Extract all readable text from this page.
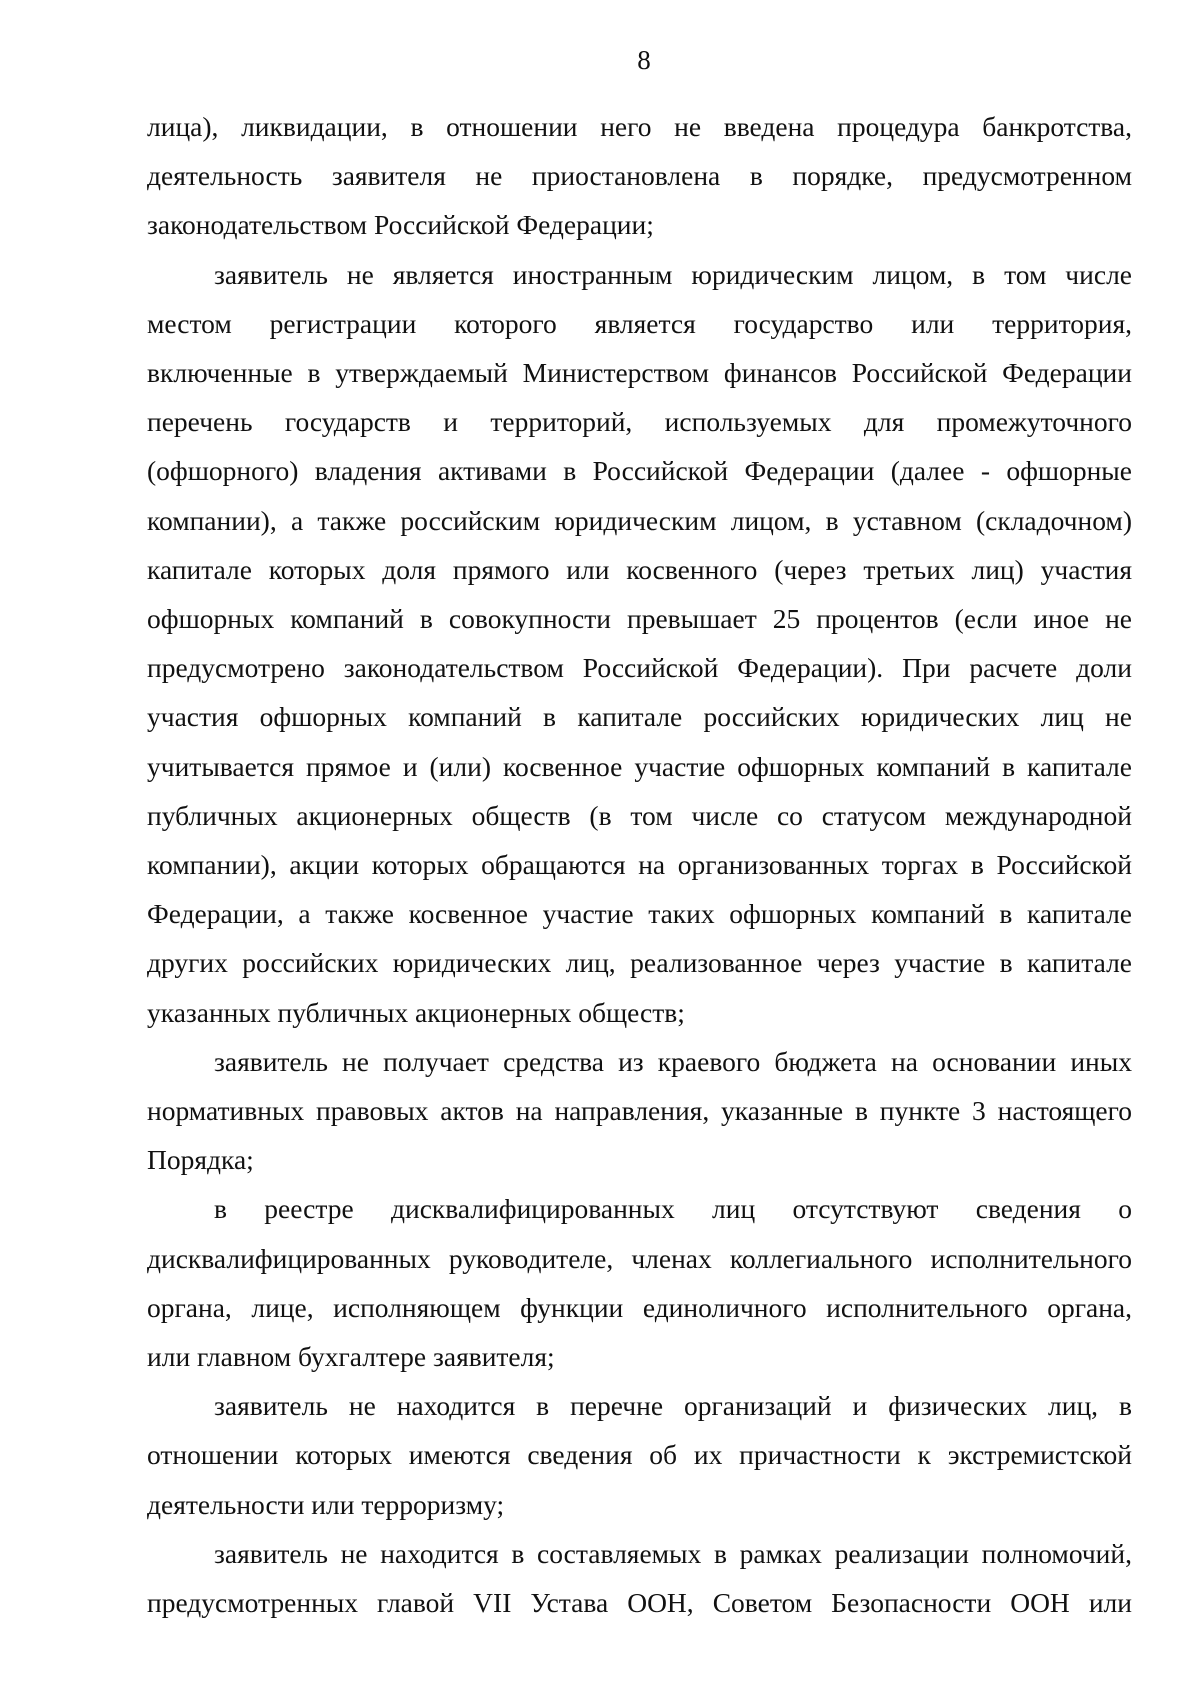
8

лица), ликвидации, в отношении него не введена процедура банкротства,
деятельность заявителя не приостановлена в порядке, предусмотренном
законодательством Российской Федерации;

заявитель не является иностранным юридическим лицом, в том числе
местом регистрации которого является государство или территория,
включенные в утверждаемый Министерством финансов Российской Федерации
перечень государств и территорий, используемых для промежуточного
(офшорного) владения активами в Российской Федерации (далее - офшорные
компании), а также российским юридическим лицом, в уставном (складочном)
капитале которых доля прямого или косвенного (через третьих лиц) участия
офшорных компаний в совокупности превышает 25 процентов (если иное не
предусмотрено законодательством Российской Федерации). При расчете доли
участия офшорных компаний в капитале российских юридических лиц не
учитывается прямое и (или) косвенное участие офшорных компаний в капитале
публичных акционерных обществ (в том числе со статусом международной
компании), акции которых обращаются на организованных торгах в Российской
Федерации, а также косвенное участие таких офшорных компаний в капитале
других российских юридических лиц, реализованное через участие в капитале
указанных публичных акционерных обществ;

заявитель не получает средства из краевого бюджета на основании иных
нормативных правовых актов на направления, указанные в пункте 3 настоящего
Порядка;

в реестре дисквалифицированных лиц отсутствуют сведения о
дисквалифицированных руководителе, членах коллегиального исполнительного
органа, лице, исполняющем функции единоличного исполнительного органа,
или главном бухгалтере заявителя;

заявитель не находится в перечне организаций и физических лиц, в
отношении которых имеются сведения об их причастности к экстремистской
деятельности или терроризму;

заявитель не находится в составляемых в рамках реализации полномочий,
предусмотренных главой VII Устава ООН, Советом Безопасности ООН или
